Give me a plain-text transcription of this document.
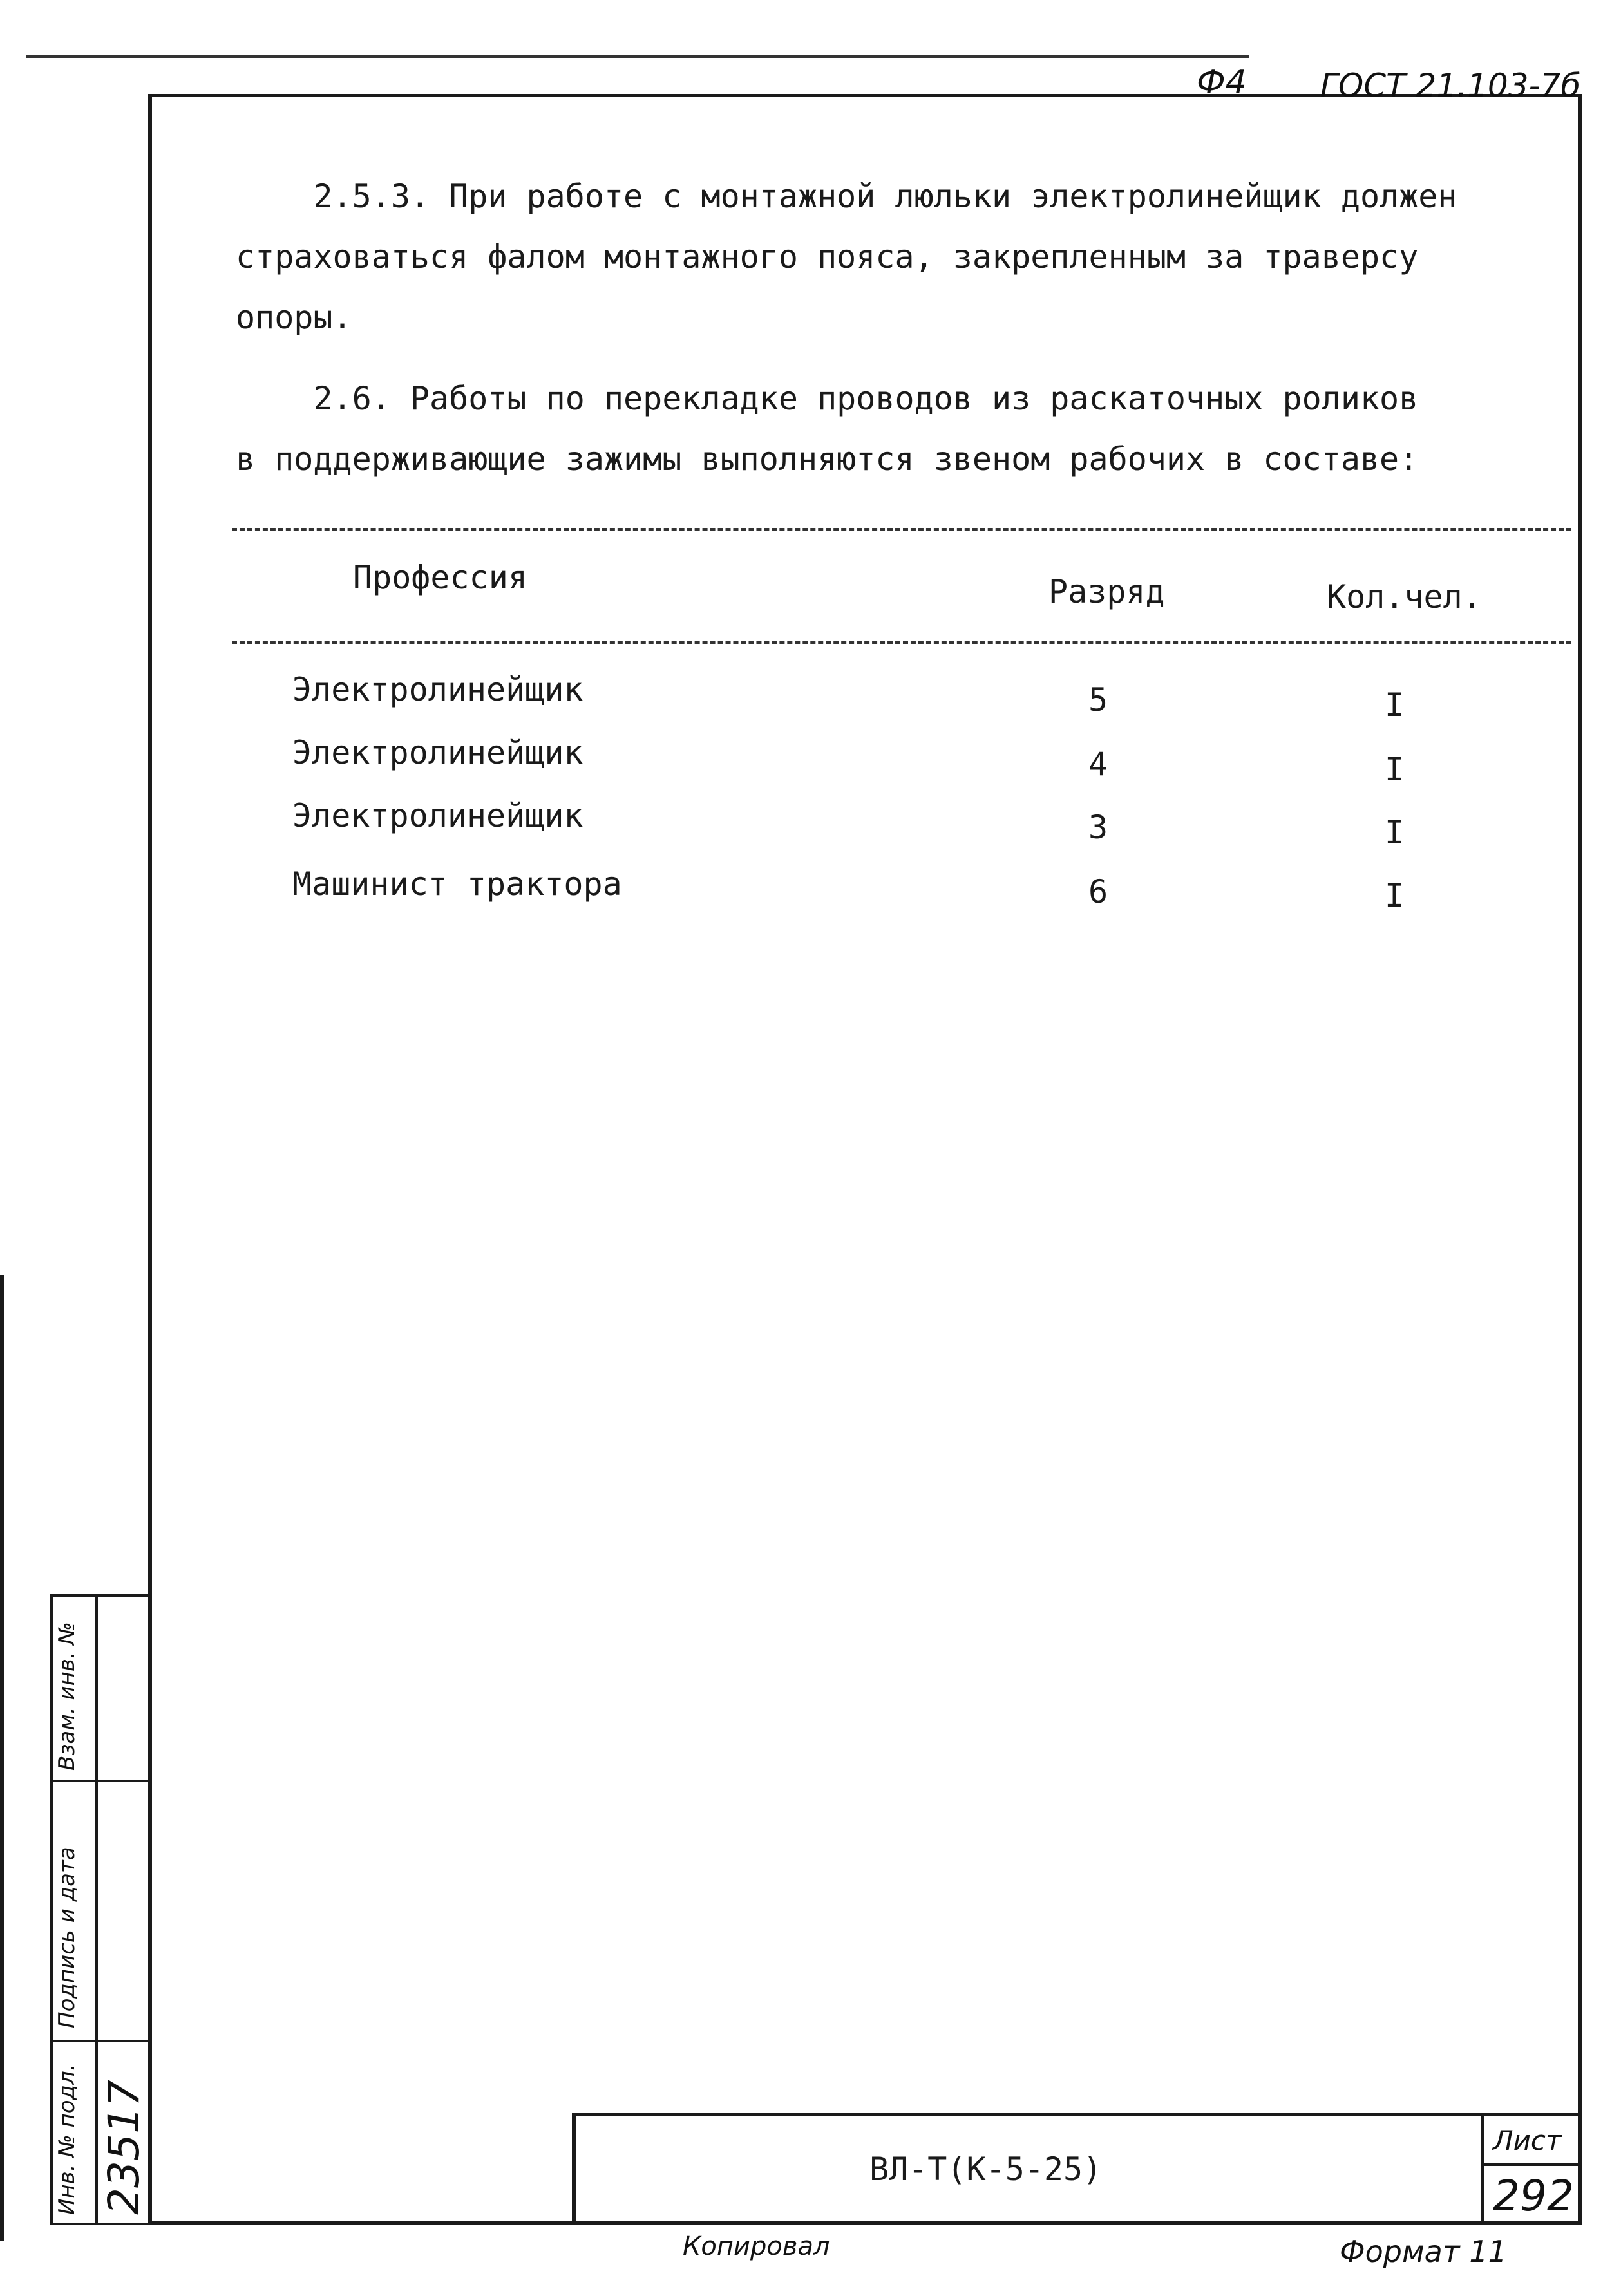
Ф4 ГОСТ 21.103-7б
2.5.3. При работе с монтажной люльки электролинейщик должен
страховаться фалом монтажного пояса, закрепленным за траверсу
опоры.
2.6. Работы по перекладке проводов из раскаточных роликов
в поддерживающие зажимы выполняются звеном рабочих в составе:
Профессия	Разряд	Кол.чел.
Электролинейщик	5	I
Электролинейщик	4	I
Электролинейщик	3	I
Машинист трактора	6	I
ВЛ-Т(К-5-25)
Лист
292
Взам. инв. №
Подпись и дата
Инв. № подл. 23517
Копировал	Формат 11
